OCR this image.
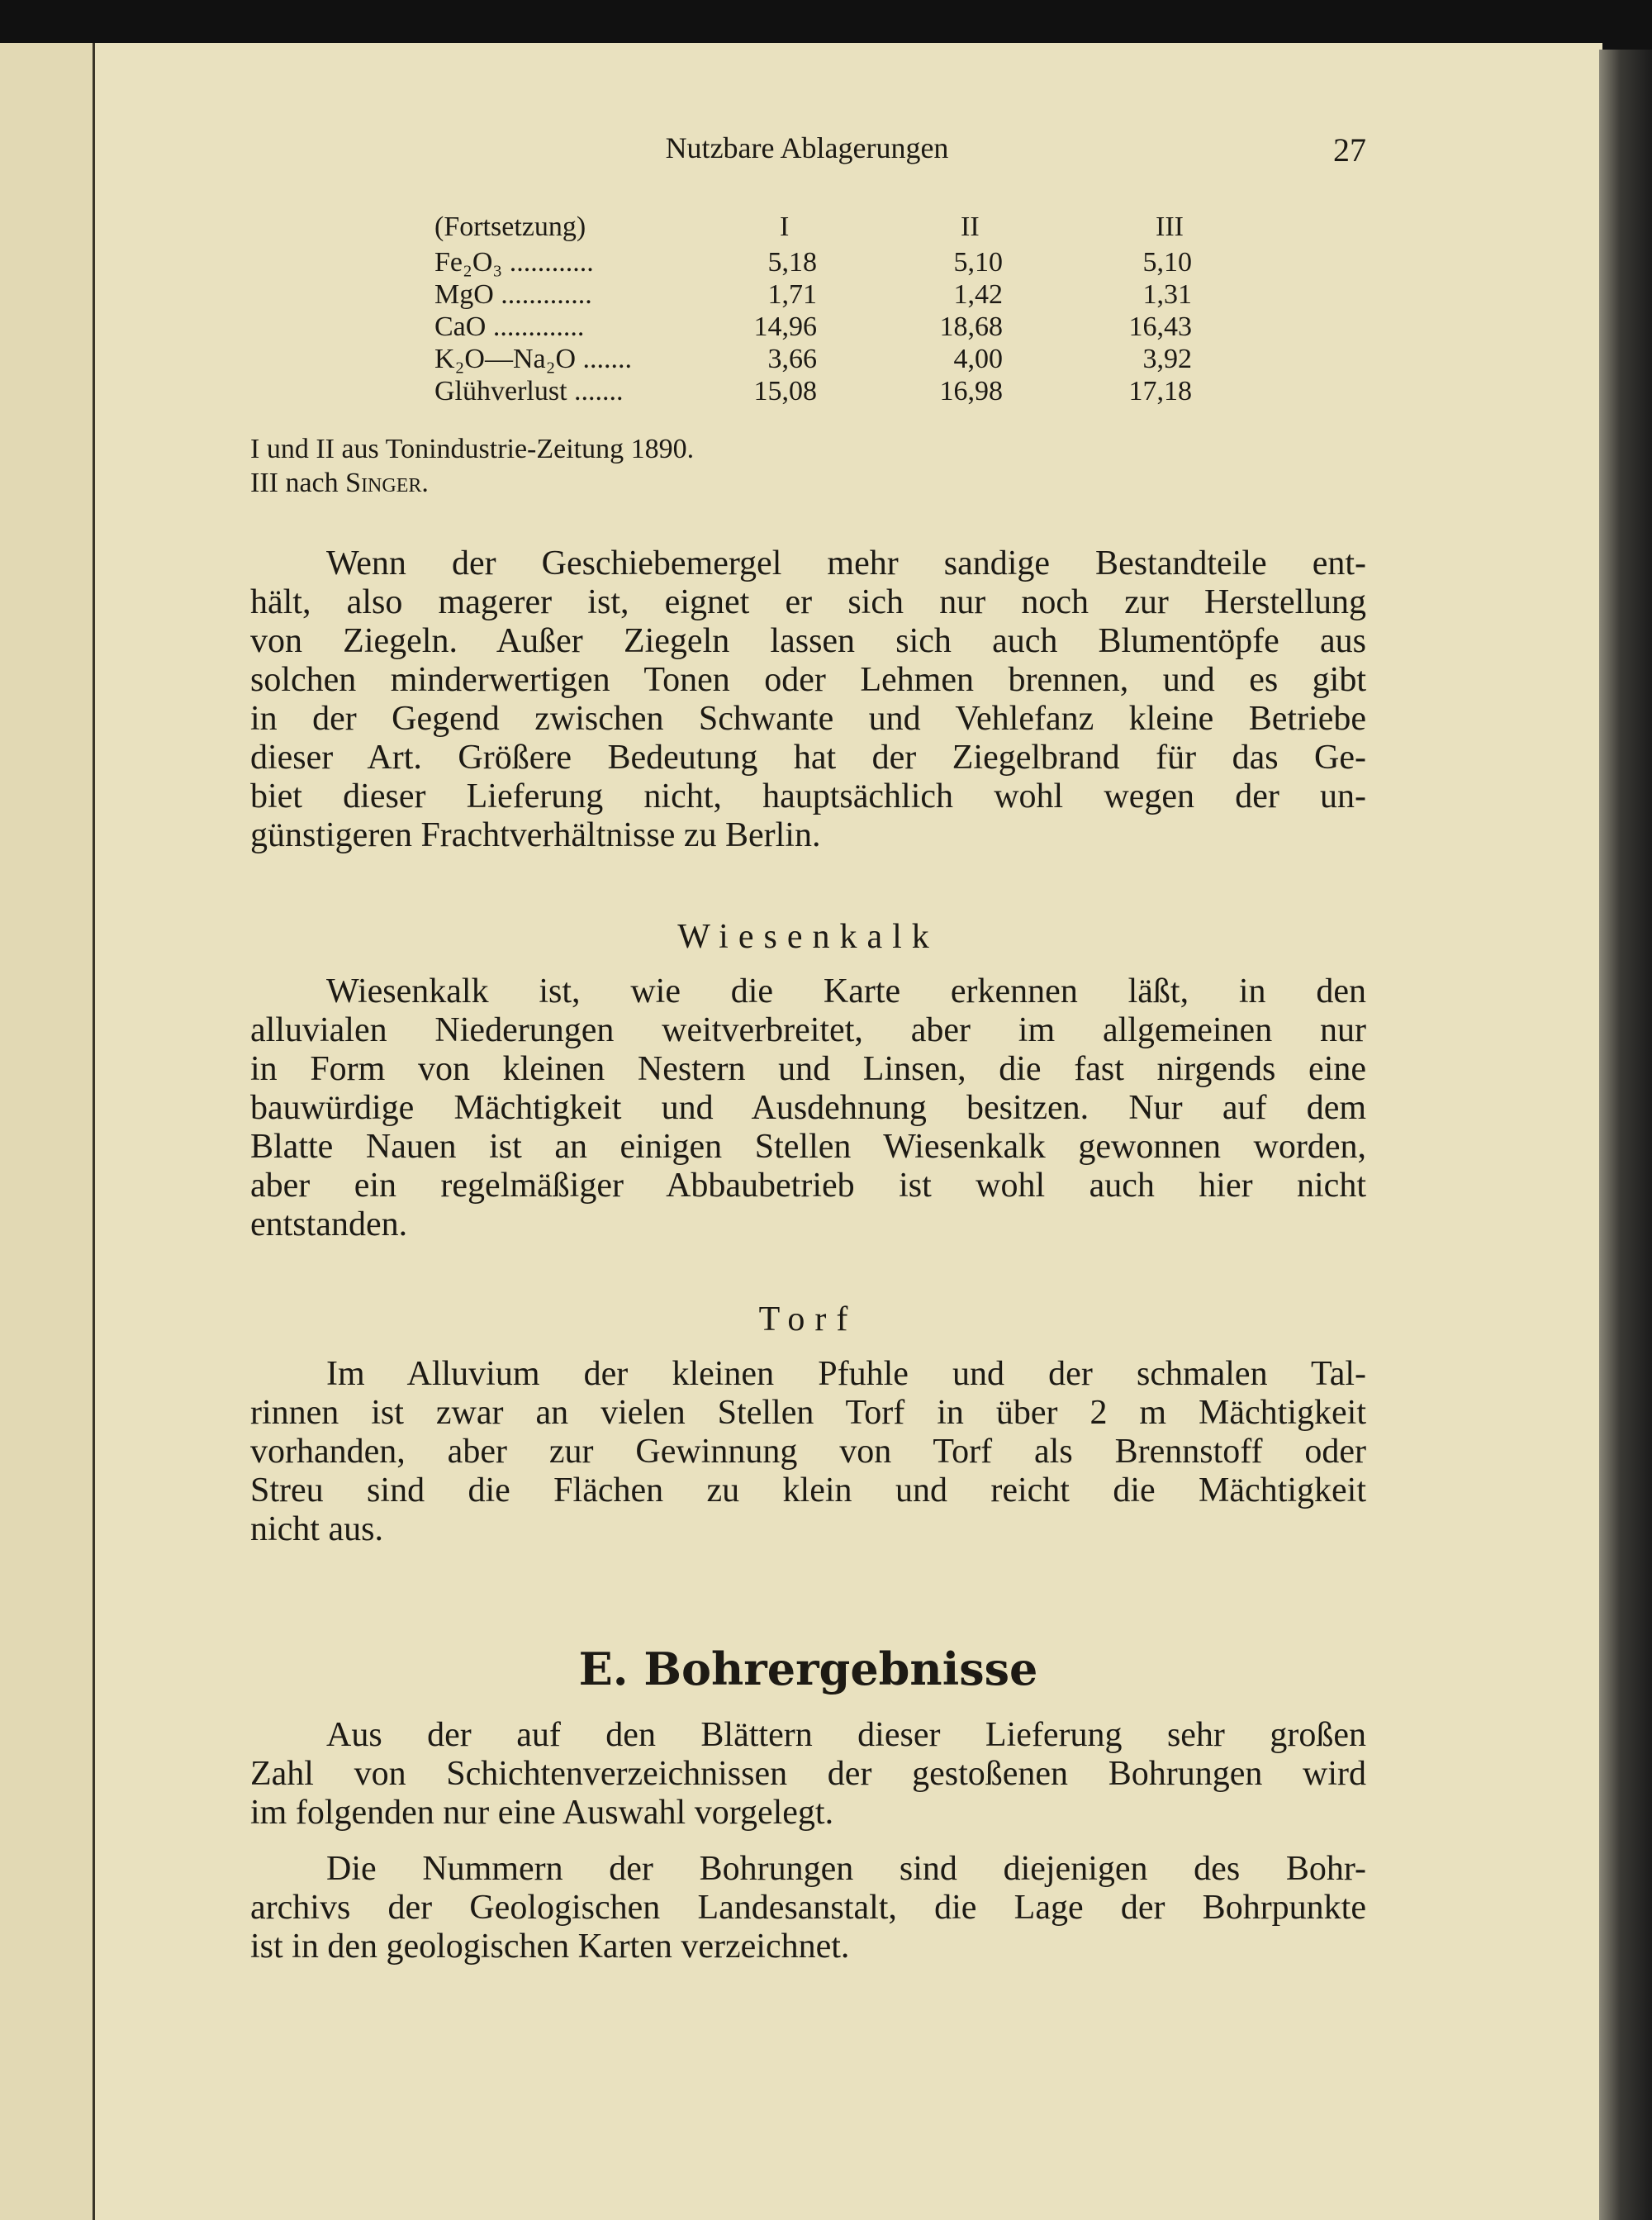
Nutzbare Ablagerungen	27
(Fortsetzung)	I	II	III
Fe₂O₃ ............	5,18	5,10	5,10
MgO .............	1,71	1,42	1,31
CaO .............	14,96	18,68	16,43
K₂O—Na₂O .......	3,66	4,00	3,92
Glühverlust .......	15,08	16,98	17,18
I und II aus Tonindustrie-Zeitung 1890.
III nach Singer.
Wenn der Geschiebemergel mehr sandige Bestandteile ent-
hält, also magerer ist, eignet er sich nur noch zur Herstellung
von Ziegeln. Außer Ziegeln lassen sich auch Blumentöpfe aus
solchen minderwertigen Tonen oder Lehmen brennen, und es gibt
in der Gegend zwischen Schwante und Vehlefanz kleine Betriebe
dieser Art. Größere Bedeutung hat der Ziegelbrand für das Ge-
biet dieser Lieferung nicht, hauptsächlich wohl wegen der un-
günstigeren Frachtverhältnisse zu Berlin.
Wiesenkalk
Wiesenkalk ist, wie die Karte erkennen läßt, in den
alluvialen Niederungen weitverbreitet, aber im allgemeinen nur
in Form von kleinen Nestern und Linsen, die fast nirgends eine
bauwürdige Mächtigkeit und Ausdehnung besitzen. Nur auf dem
Blatte Nauen ist an einigen Stellen Wiesenkalk gewonnen worden,
aber ein regelmäßiger Abbaubetrieb ist wohl auch hier nicht
entstanden.
Torf
Im Alluvium der kleinen Pfuhle und der schmalen Tal-
rinnen ist zwar an vielen Stellen Torf in über 2 m Mächtigkeit
vorhanden, aber zur Gewinnung von Torf als Brennstoff oder
Streu sind die Flächen zu klein und reicht die Mächtigkeit
nicht aus.
E. Bohrergebnisse
Aus der auf den Blättern dieser Lieferung sehr großen
Zahl von Schichtenverzeichnissen der gestoßenen Bohrungen wird
im folgenden nur eine Auswahl vorgelegt.
Die Nummern der Bohrungen sind diejenigen des Bohr-
archivs der Geologischen Landesanstalt, die Lage der Bohrpunkte
ist in den geologischen Karten verzeichnet.
